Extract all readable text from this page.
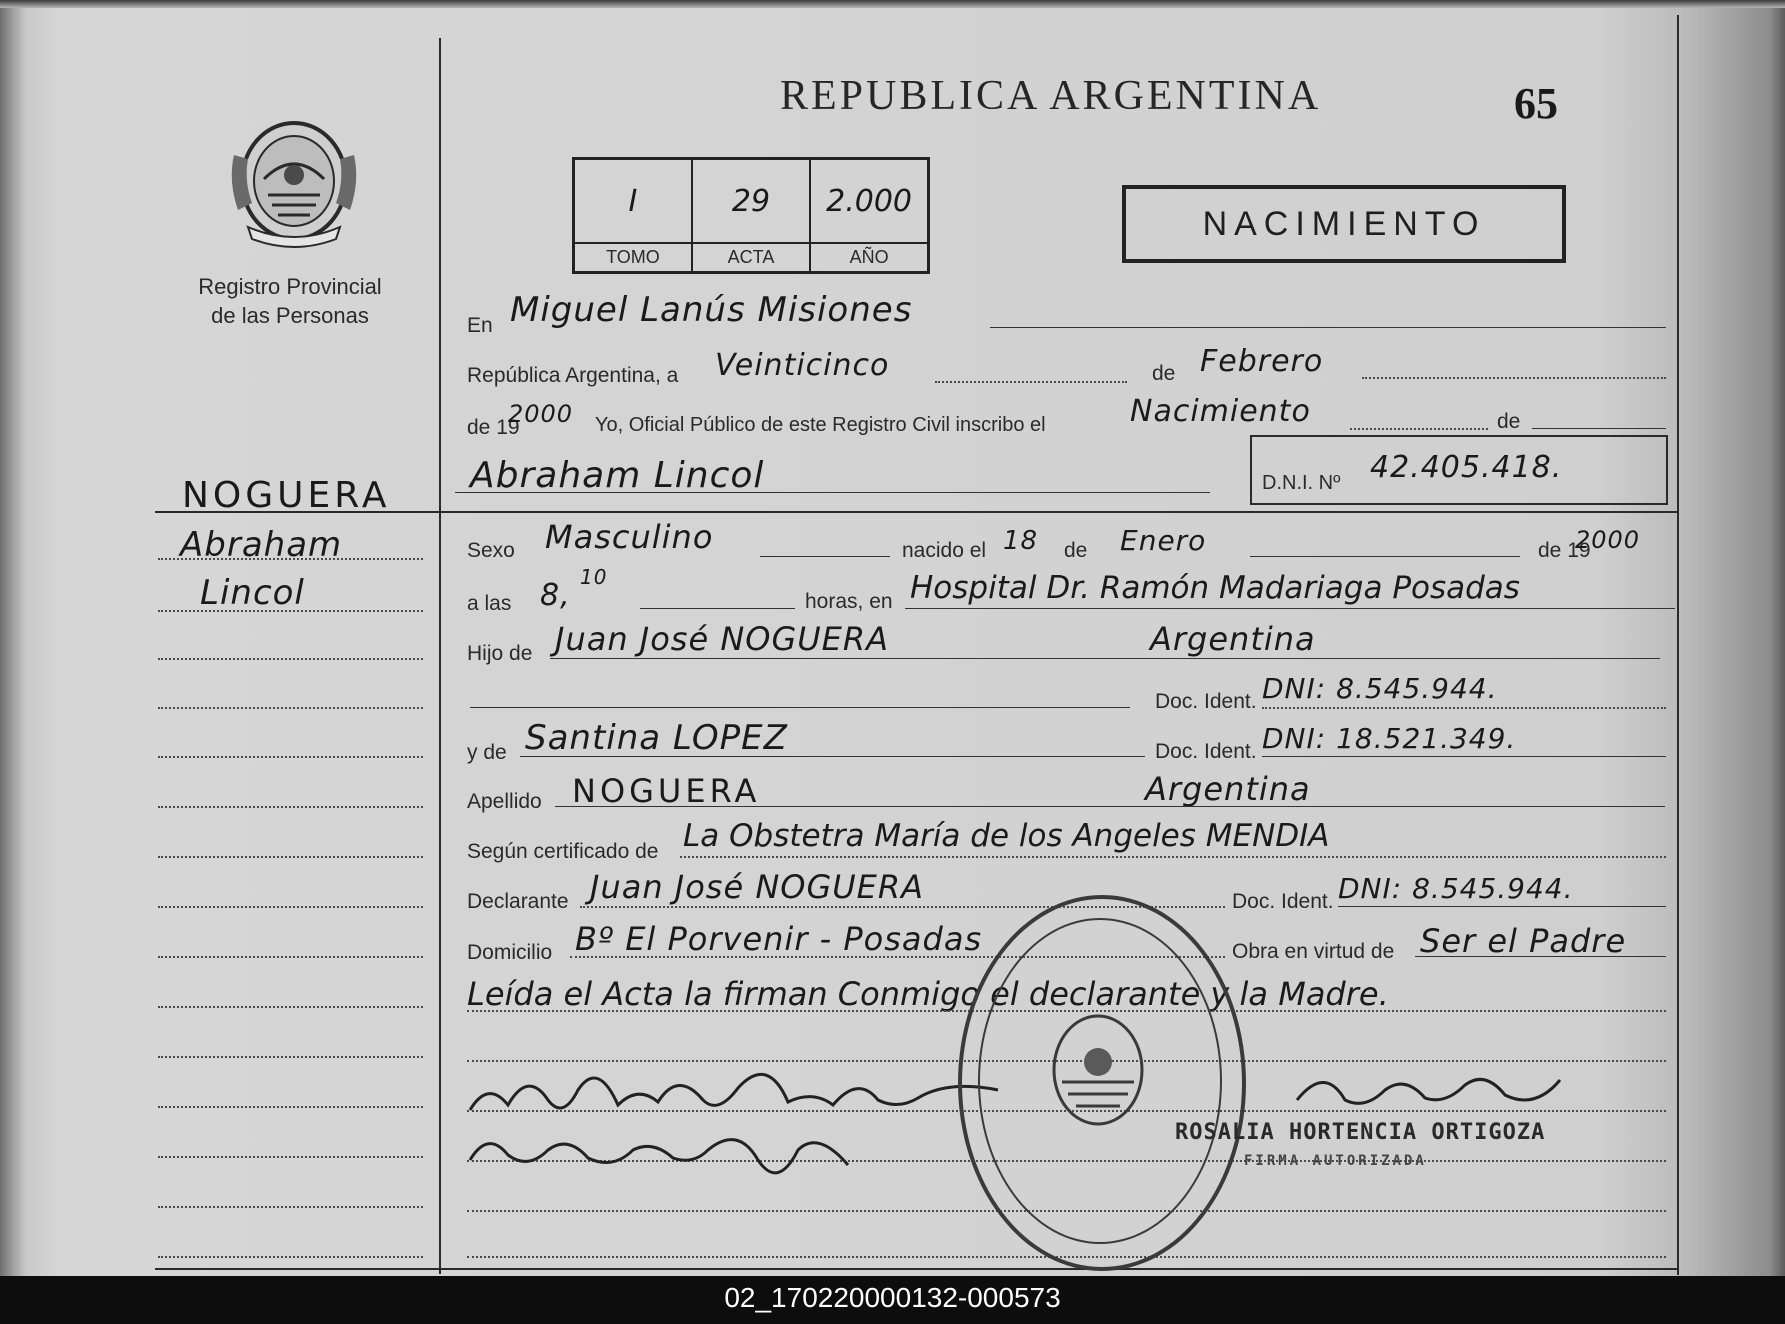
REPUBLICA ARGENTINA	65
NACIMIENTO
I	29	2.000
TOMO	ACTA	AÑO
Registro Provincial
de las Personas
NOGUERA
Abraham
Lincol
En Miguel Lanús Misiones
República Argentina, a Veinticinco	de Febrero
de 19
2000 Yo, Oficial Público de este Registro Civil inscribo el	Nacimiento	de
Abraham Lincol	D.N.I. Nº 42.405.418.
Sexo Masculino	nacido el 18 de Enero	de 19
2000
a las 8,
10
horas, en Hospital Dr. Ramón Madariaga Posadas
Hijo de Juan José NOGUERA	Argentina
Doc. Ident. DNI: 8.545.944.
y de Santina LOPEZ	Doc. Ident. DNI: 18.521.349.
Apellido NOGUERA	Argentina
Según certificado de La Obstetra María de los Angeles MENDIA
Declarante Juan José NOGUERA	Doc. Ident. DNI: 8.545.944.
Domicilio Bº El Porvenir - Posadas	Obra en virtud de Ser el Padre
Leída el Acta la firman Conmigo el declarante y la Madre.
ROSALIA HORTENCIA ORTIGOZA
FIRMA AUTORIZADA
02_170220000132-000573
